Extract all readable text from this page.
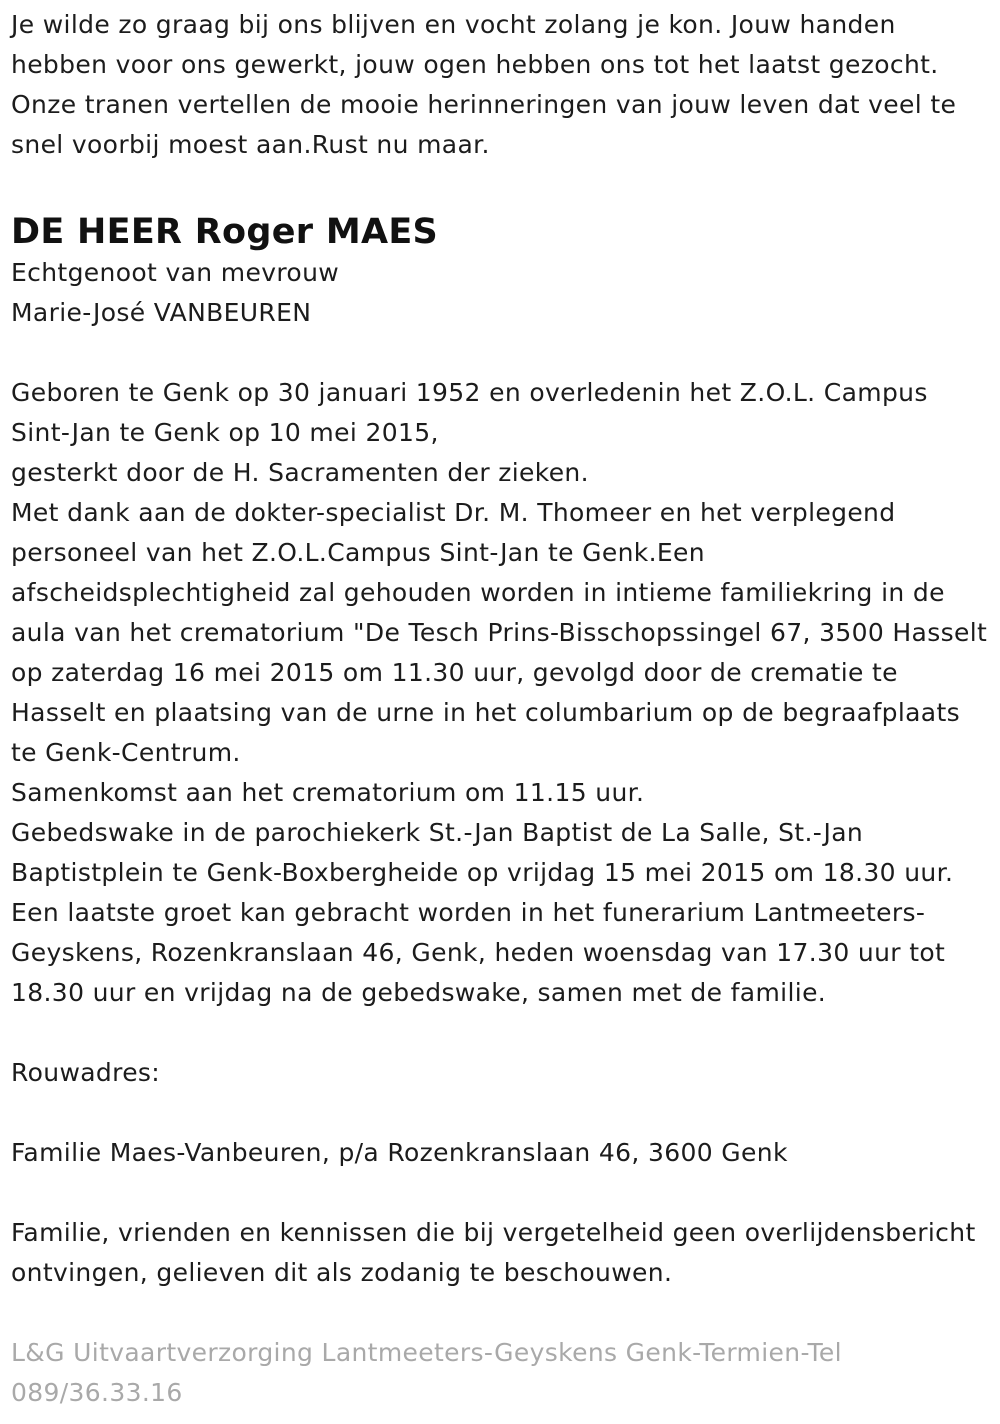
Je wilde zo graag bij ons blijven en vocht zolang je kon. Jouw handen hebben voor ons gewerkt, jouw ogen hebben ons tot het laatst gezocht. Onze tranen vertellen de mooie herinneringen van jouw leven dat veel te snel voorbij moest aan.Rust nu maar.

DE HEER Roger MAES

Echtgenoot van mevrouw
Marie-José VANBEUREN

Geboren te Genk op 30 januari 1952 en overledenin het Z.O.L. Campus Sint-Jan te Genk op 10 mei 2015,
gesterkt door de H. Sacramenten der zieken.
Met dank aan de dokter-specialist Dr. M. Thomeer en het verplegend personeel van het Z.O.L.Campus Sint-Jan te Genk.Een afscheidsplechtigheid zal gehouden worden in intieme familiekring in de aula van het crematorium "De Tesch Prins-Bisschopssingel 67, 3500 Hasselt op zaterdag 16 mei 2015 om 11.30 uur, gevolgd door de crematie te Hasselt en plaatsing van de urne in het columbarium op de begraafplaats te Genk-Centrum.
Samenkomst aan het crematorium om 11.15 uur.
Gebedswake in de parochiekerk St.-Jan Baptist de La Salle, St.-Jan Baptistplein te Genk-Boxbergheide op vrijdag 15 mei 2015 om 18.30 uur.
Een laatste groet kan gebracht worden in het funerarium Lantmeeters-Geyskens, Rozenkranslaan 46, Genk, heden woensdag van 17.30 uur tot 18.30 uur en vrijdag na de gebedswake, samen met de familie.

Rouwadres:

Familie Maes-Vanbeuren, p/a Rozenkranslaan 46, 3600 Genk

Familie, vrienden en kennissen die bij vergetelheid geen overlijdensbericht ontvingen, gelieven dit als zodanig te beschouwen.

L&G Uitvaartverzorging Lantmeeters-Geyskens Genk-Termien-Tel 089/36.33.16
